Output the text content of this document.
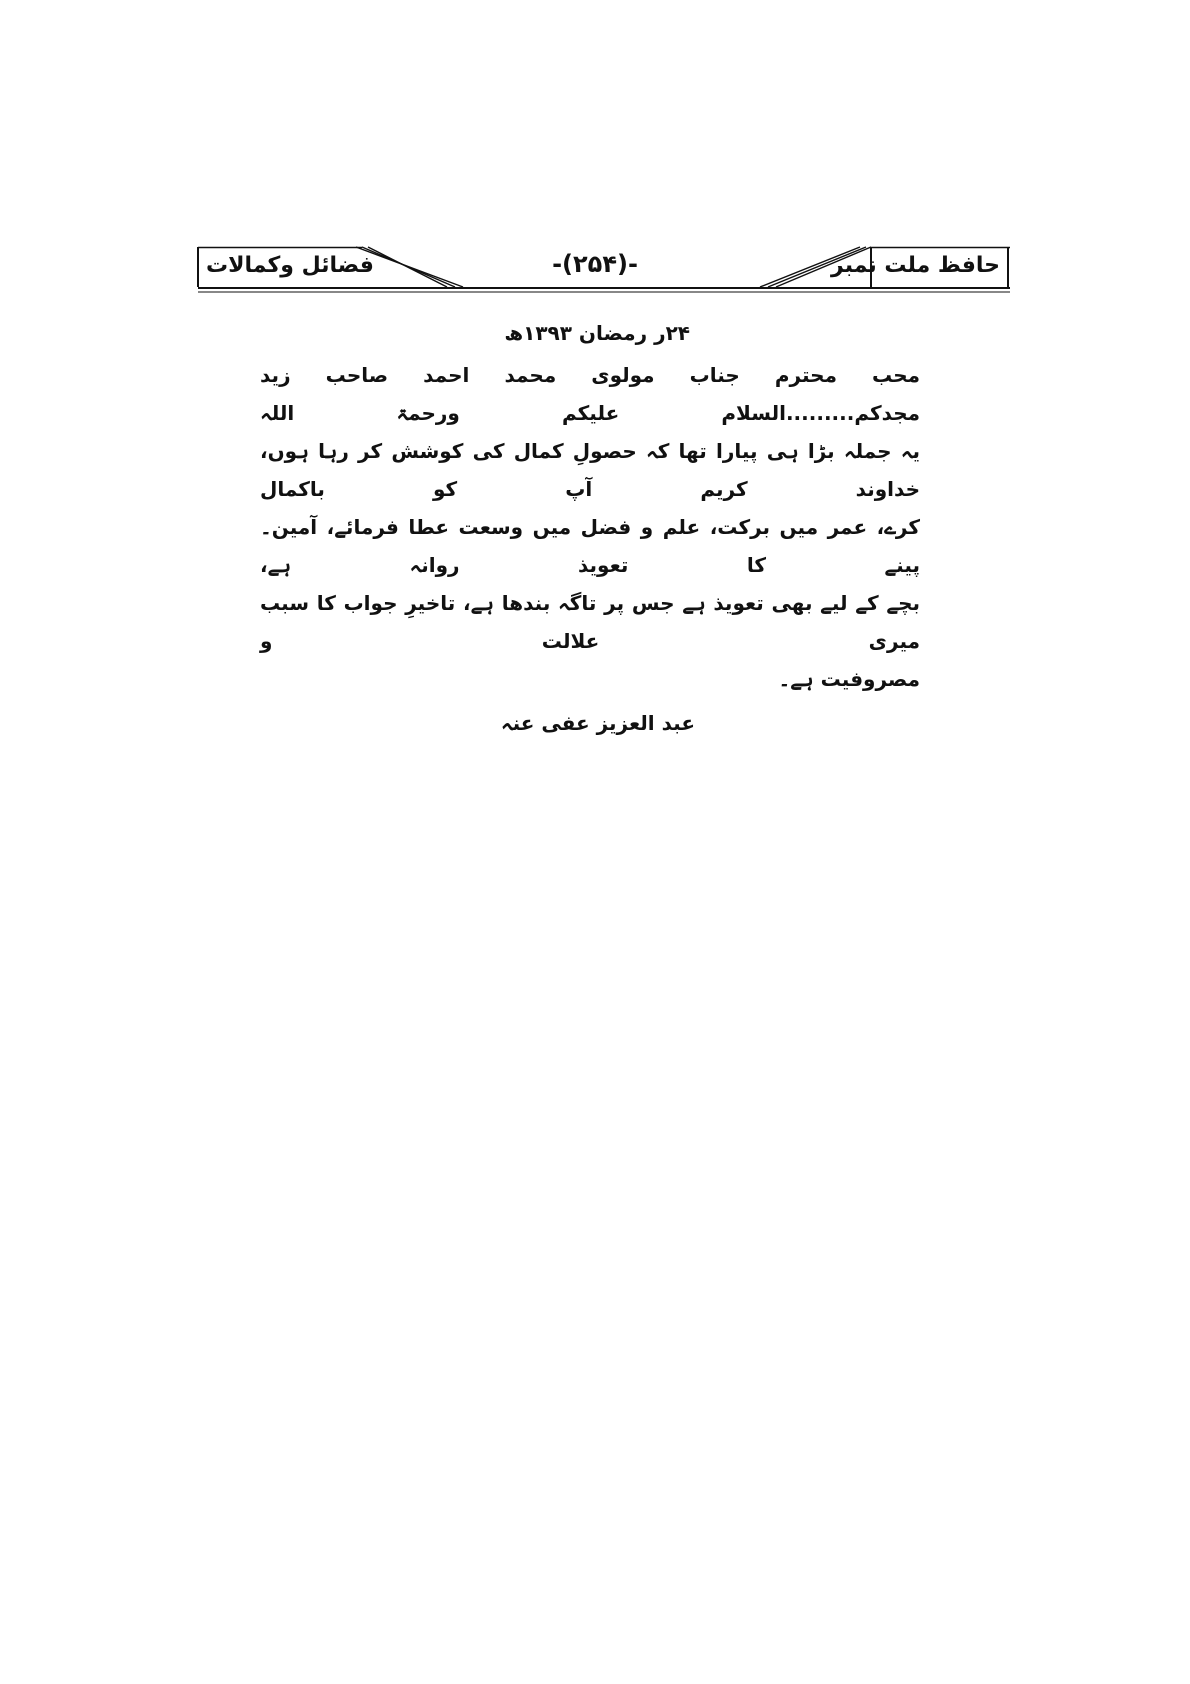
حافظ ملت نمبر
-(۲۵۴)-
فضائل وکمالات
۲۴ر رمضان ۱۳۹۳ھ
محب محترم جناب مولوی محمد احمد صاحب زید مجدکم.........السلام علیکم ورحمۃ اللہ
یہ جملہ بڑا ہی پیارا تھا کہ حصولِ کمال کی کوشش کر رہا ہوں، خداوند کریم آپ کو باکمال
کرے، عمر میں برکت، علم و فضل میں وسعت عطا فرمائے، آمین۔ پینے کا تعویذ روانہ ہے،
بچے کے لیے بھی تعویذ ہے جس پر تاگہ بندھا ہے، تاخیرِ جواب کا سبب میری علالت و
مصروفیت ہے۔
عبد العزیز عفی عنہ
